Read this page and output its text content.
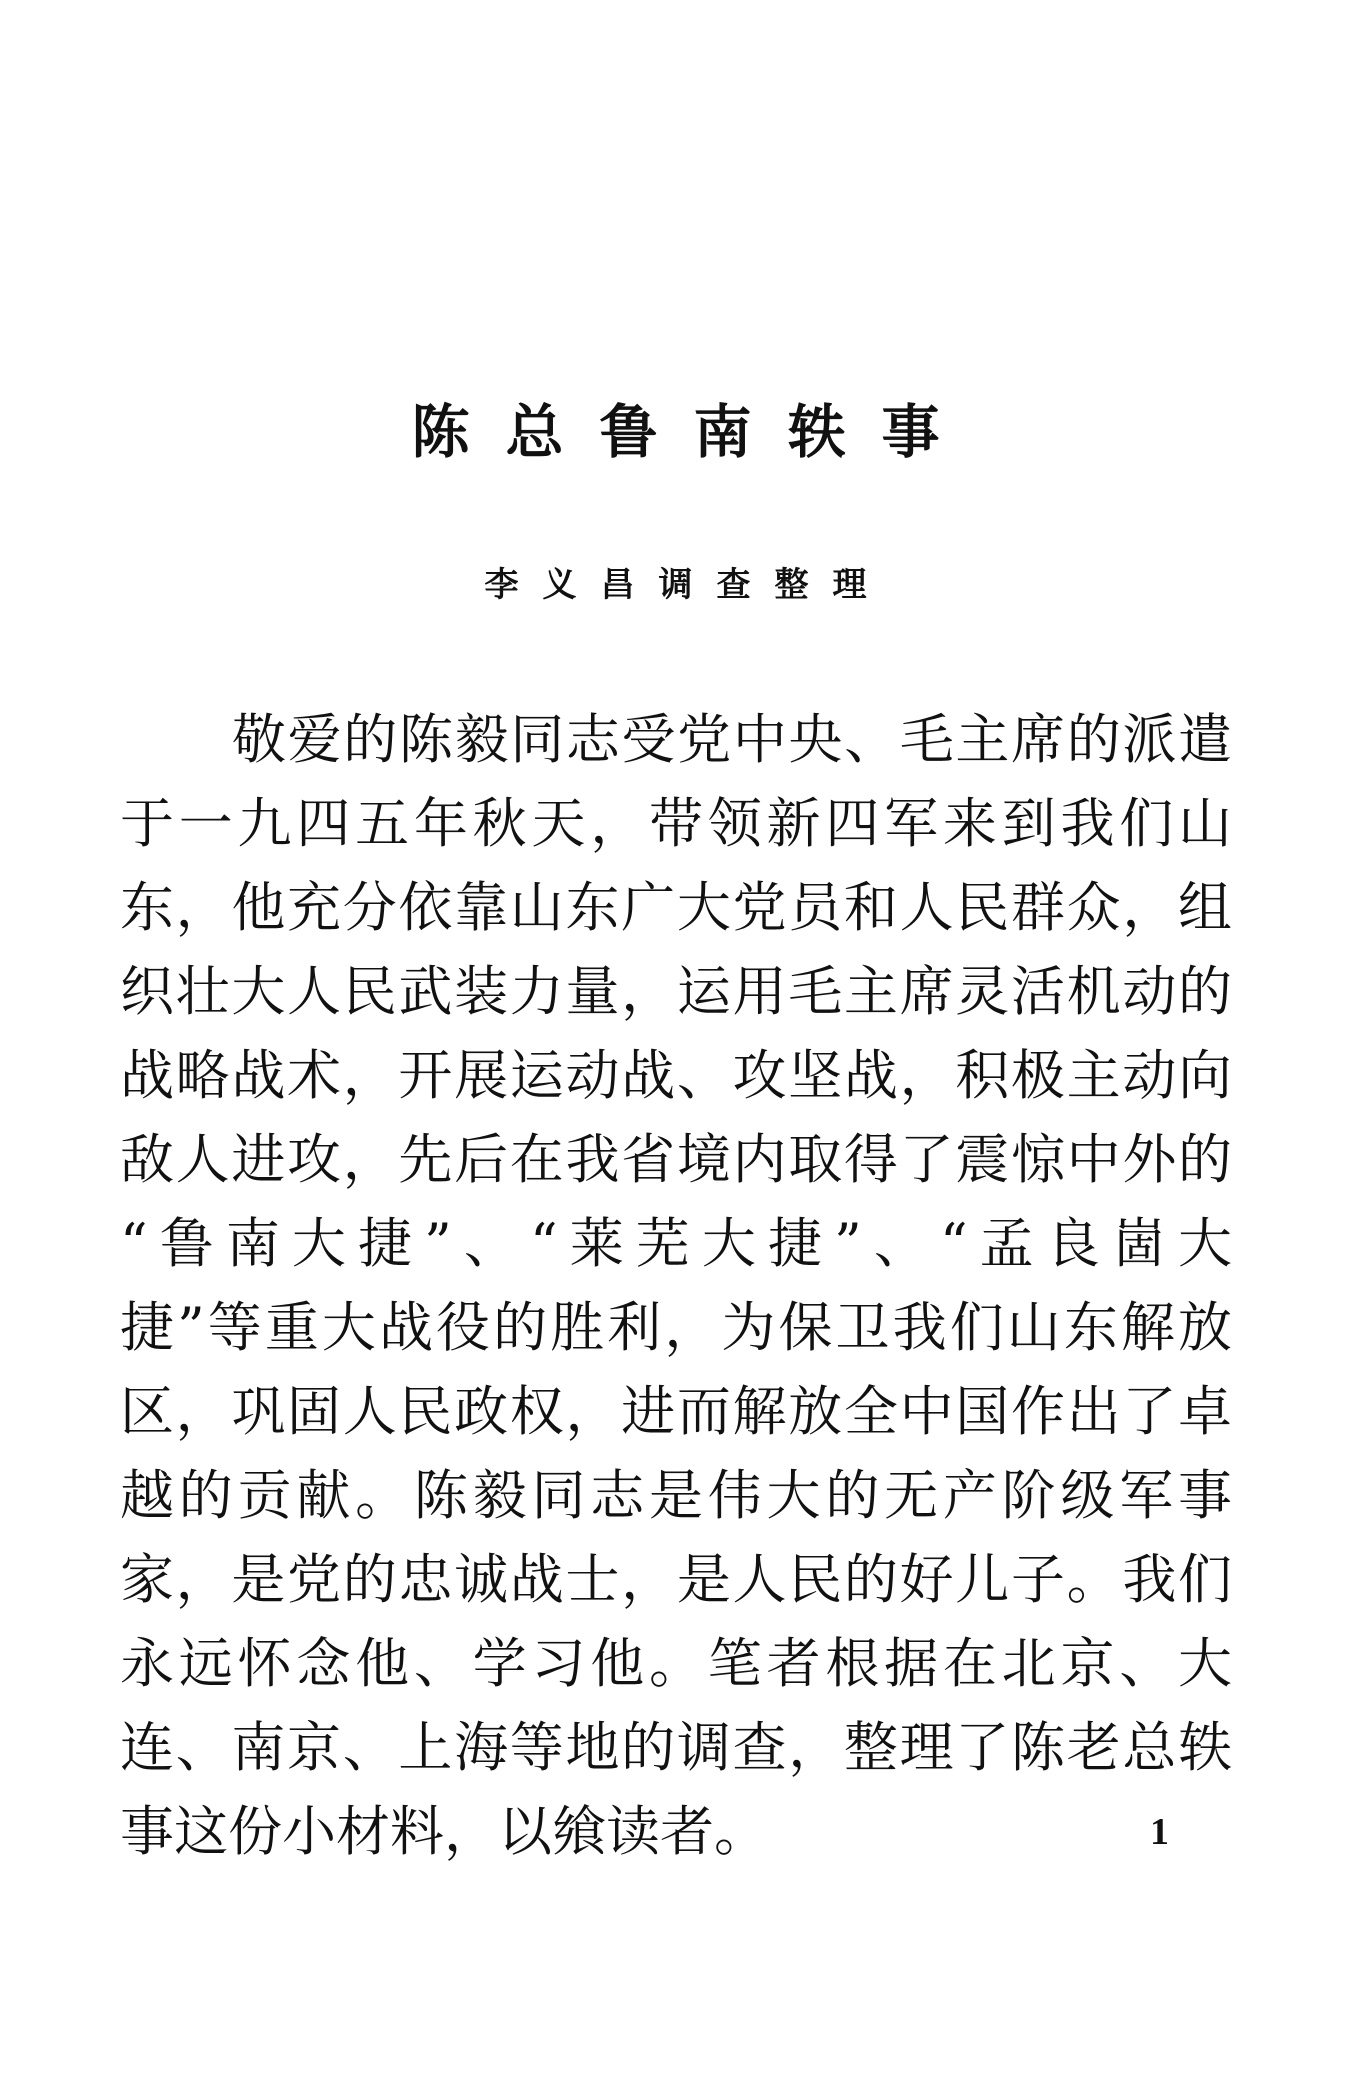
陈总鲁南轶事
李义昌调查整理
敬爱的陈毅同志受党中央、毛主席的派遣
于一九四五年秋天，带领新四军来到我们山
东，他充分依靠山东广大党员和人民群众，组
织壮大人民武装力量，运用毛主席灵活机动的
战略战术，开展运动战、攻坚战，积极主动向
敌人进攻，先后在我省境内取得了震惊中外的
“鲁南大捷”、“莱芜大捷”、“孟良崮大
捷”等重大战役的胜利，为保卫我们山东解放
区，巩固人民政权，进而解放全中国作出了卓
越的贡献。陈毅同志是伟大的无产阶级军事
家，是党的忠诚战士，是人民的好儿子。我们
永远怀念他、学习他。笔者根据在北京、大
连、南京、上海等地的调查，整理了陈老总轶
事这份小材料，以飨读者。	1
